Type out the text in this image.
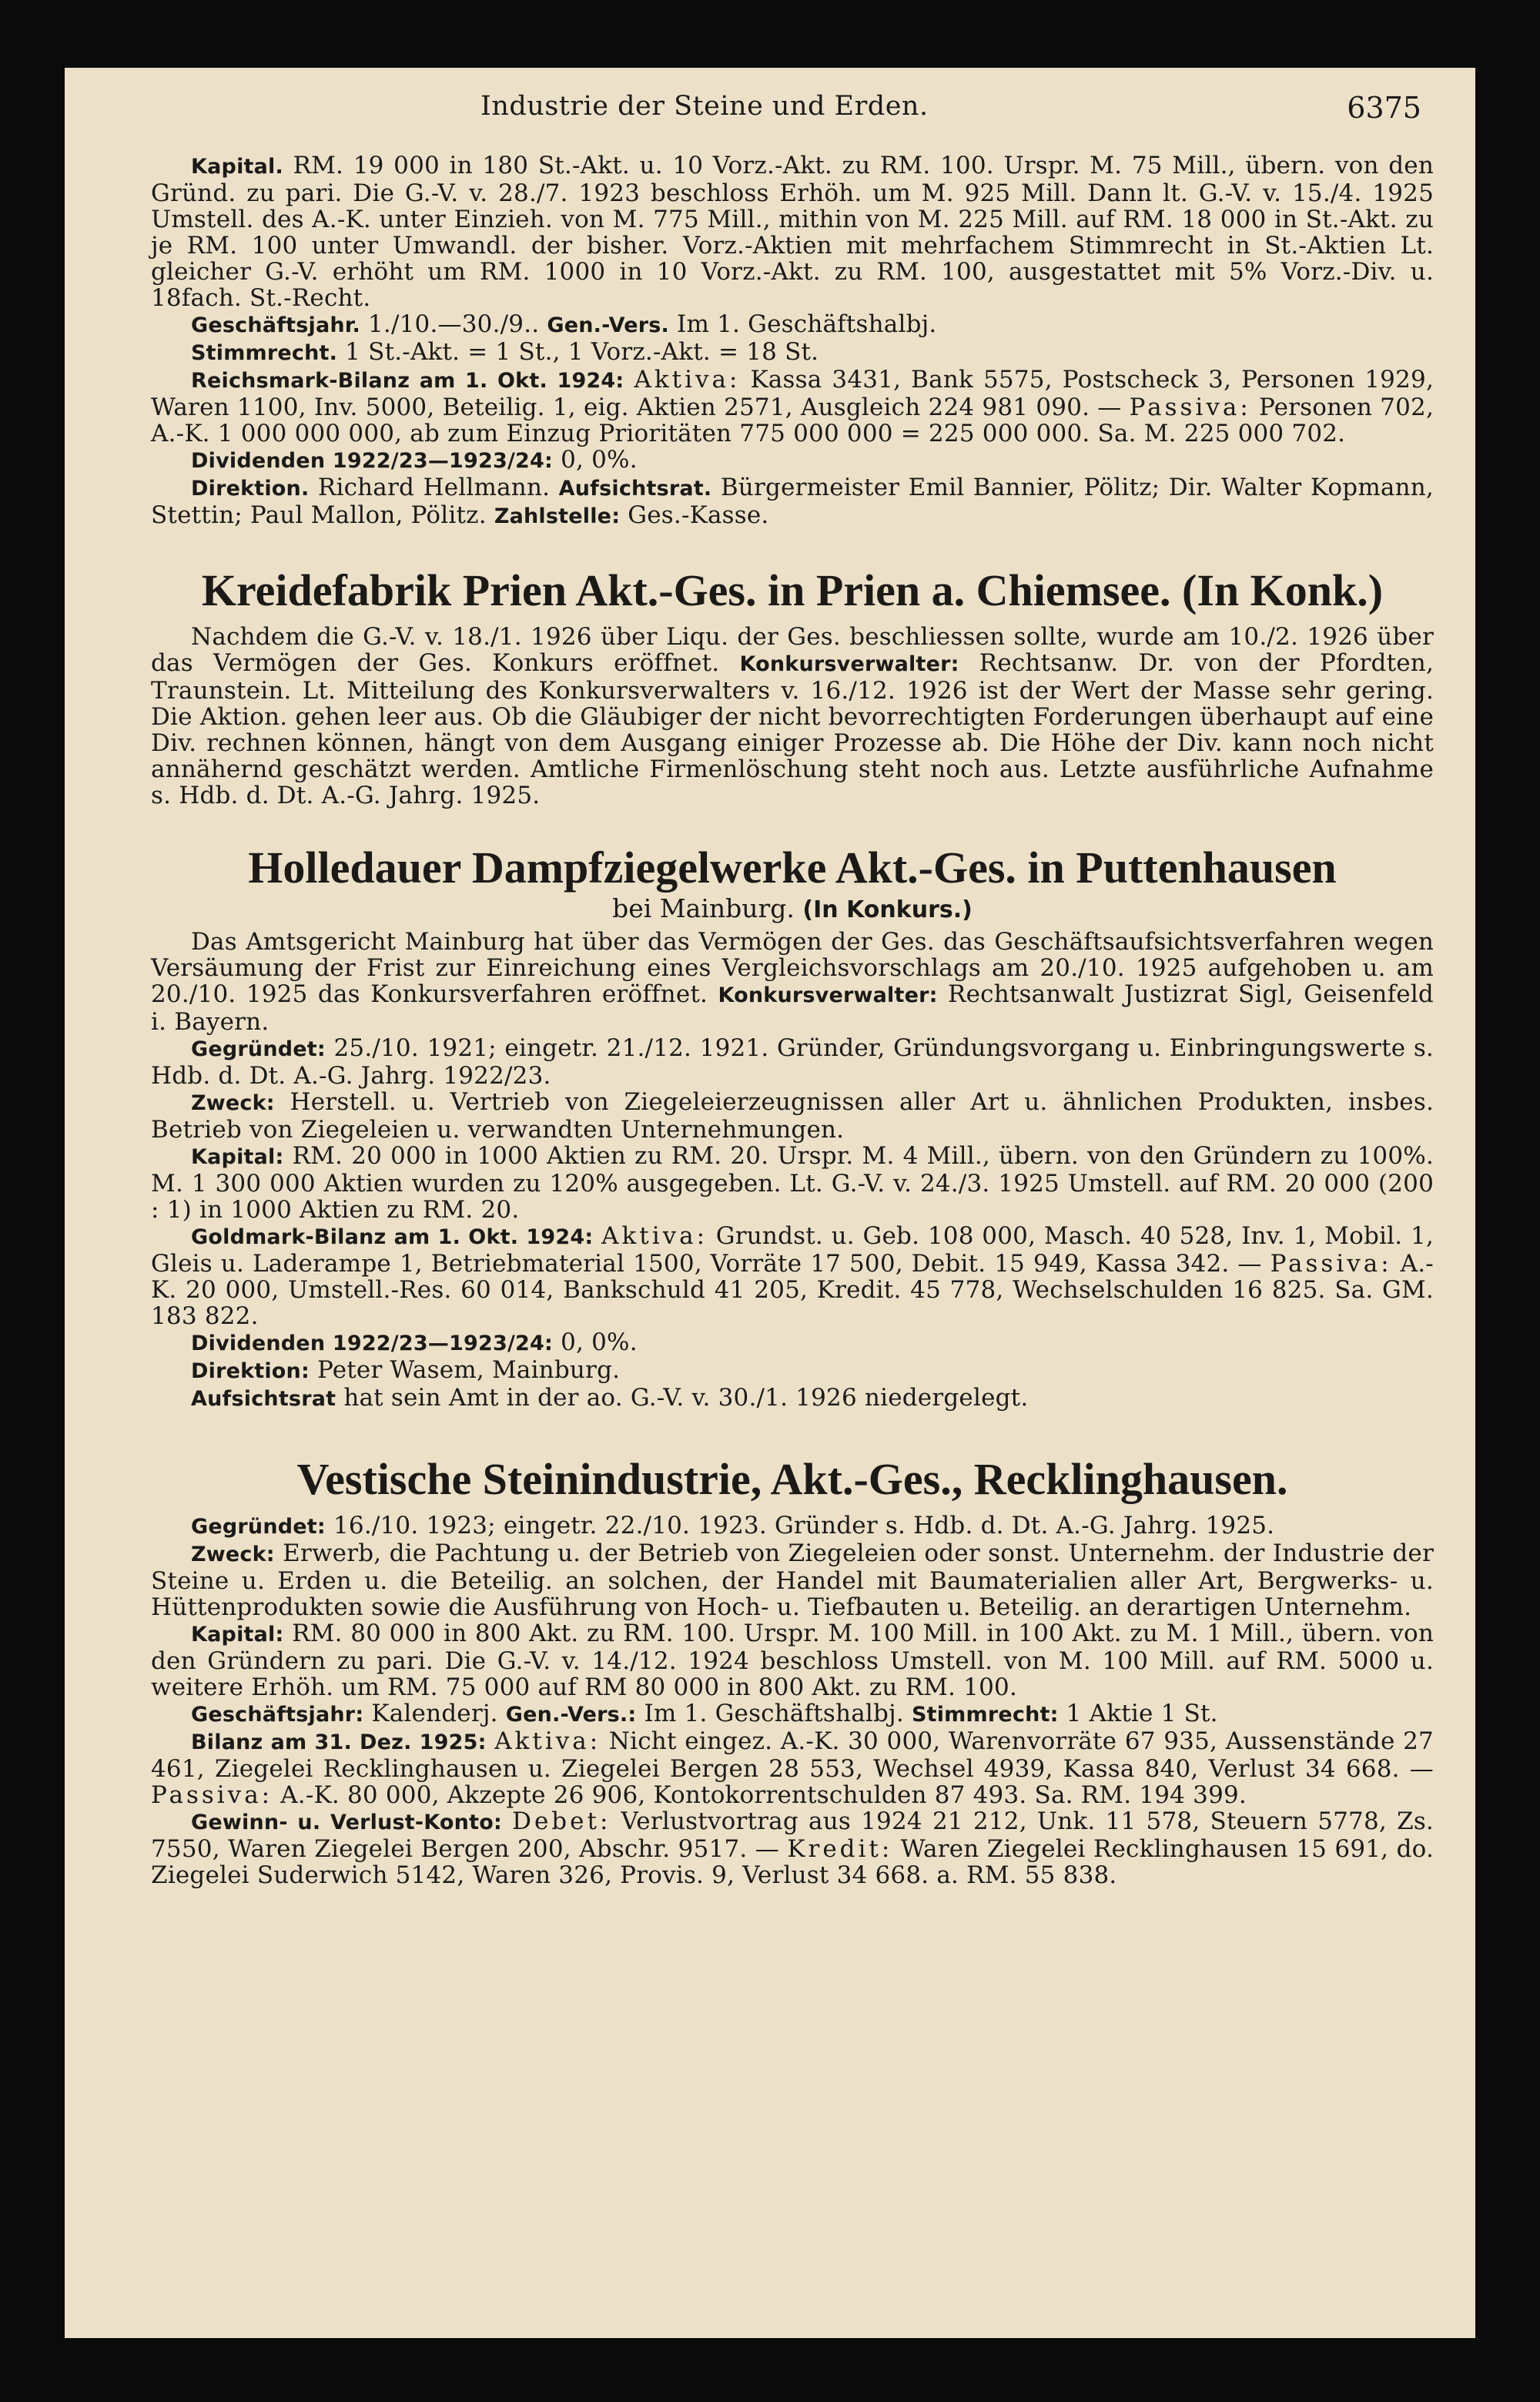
Industrie der Steine und Erden.	6375

Kapital. RM. 19 000 in 180 St.-Akt. u. 10 Vorz.-Akt. zu RM. 100. Urspr. M. 75 Mill., übern. von den Gründ. zu pari. Die G.-V. v. 28./7. 1923 beschloss Erhöh. um M. 925 Mill. Dann lt. G.-V. v. 15./4. 1925 Umstell. des A.-K. unter Einzieh. von M. 775 Mill., mithin von M. 225 Mill. auf RM. 18 000 in St.-Akt. zu je RM. 100 unter Umwandl. der bisher. Vorz.-Aktien mit mehrfachem Stimmrecht in St.-Aktien Lt. gleicher G.-V. erhöht um RM. 1000 in 10 Vorz.-Akt. zu RM. 100, ausgestattet mit 5% Vorz.-Div. u. 18fach. St.-Recht.

Geschäftsjahr. 1./10.—30./9.. Gen.-Vers. Im 1. Geschäftshalbj.

Stimmrecht. 1 St.-Akt. = 1 St., 1 Vorz.-Akt. = 18 St.

Reichsmark-Bilanz am 1. Okt. 1924: Aktiva: Kassa 3431, Bank 5575, Postscheck 3, Personen 1929, Waren 1100, Inv. 5000, Beteilig. 1, eig. Aktien 2571, Ausgleich 224 981 090. — Passiva: Personen 702, A.-K. 1 000 000 000, ab zum Einzug Prioritäten 775 000 000 = 225 000 000. Sa. M. 225 000 702.

Dividenden 1922/23—1923/24: 0, 0%.

Direktion. Richard Hellmann. Aufsichtsrat. Bürgermeister Emil Bannier, Pölitz; Dir. Walter Kopmann, Stettin; Paul Mallon, Pölitz. Zahlstelle: Ges.-Kasse.

Kreidefabrik Prien Akt.-Ges. in Prien a. Chiemsee. (In Konk.)

Nachdem die G.-V. v. 18./1. 1926 über Liqu. der Ges. beschliessen sollte, wurde am 10./2. 1926 über das Vermögen der Ges. Konkurs eröffnet. Konkursverwalter: Rechtsanw. Dr. von der Pfordten, Traunstein. Lt. Mitteilung des Konkursverwalters v. 16./12. 1926 ist der Wert der Masse sehr gering. Die Aktion. gehen leer aus. Ob die Gläubiger der nicht bevorrechtigten Forderungen überhaupt auf eine Div. rechnen können, hängt von dem Ausgang einiger Prozesse ab. Die Höhe der Div. kann noch nicht annähernd geschätzt werden. Amtliche Firmenlöschung steht noch aus. Letzte ausführliche Aufnahme s. Hdb. d. Dt. A.-G. Jahrg. 1925.

Holledauer Dampfziegelwerke Akt.-Ges. in Puttenhausen
bei Mainburg. (In Konkurs.)

Das Amtsgericht Mainburg hat über das Vermögen der Ges. das Geschäftsaufsichtsverfahren wegen Versäumung der Frist zur Einreichung eines Vergleichsvorschlags am 20./10. 1925 aufgehoben u. am 20./10. 1925 das Konkursverfahren eröffnet. Konkursverwalter: Rechtsanwalt Justizrat Sigl, Geisenfeld i. Bayern.

Gegründet: 25./10. 1921; eingetr. 21./12. 1921. Gründer, Gründungsvorgang u. Einbringungswerte s. Hdb. d. Dt. A.-G. Jahrg. 1922/23.

Zweck: Herstell. u. Vertrieb von Ziegeleierzeugnissen aller Art u. ähnlichen Produkten, insbes. Betrieb von Ziegeleien u. verwandten Unternehmungen.

Kapital: RM. 20 000 in 1000 Aktien zu RM. 20. Urspr. M. 4 Mill., übern. von den Gründern zu 100%. M. 1 300 000 Aktien wurden zu 120% ausgegeben. Lt. G.-V. v. 24./3. 1925 Umstell. auf RM. 20 000 (200 : 1) in 1000 Aktien zu RM. 20.

Goldmark-Bilanz am 1. Okt. 1924: Aktiva: Grundst. u. Geb. 108 000, Masch. 40 528, Inv. 1, Mobil. 1, Gleis u. Laderampe 1, Betriebmaterial 1500, Vorräte 17 500, Debit. 15 949, Kassa 342. — Passiva: A.-K. 20 000, Umstell.-Res. 60 014, Bankschuld 41 205, Kredit. 45 778, Wechselschulden 16 825. Sa. GM. 183 822.

Dividenden 1922/23—1923/24: 0, 0%.

Direktion: Peter Wasem, Mainburg.

Aufsichtsrat hat sein Amt in der ao. G.-V. v. 30./1. 1926 niedergelegt.

Vestische Steinindustrie, Akt.-Ges., Recklinghausen.

Gegründet: 16./10. 1923; eingetr. 22./10. 1923. Gründer s. Hdb. d. Dt. A.-G. Jahrg. 1925.

Zweck: Erwerb, die Pachtung u. der Betrieb von Ziegeleien oder sonst. Unternehm. der Industrie der Steine u. Erden u. die Beteilig. an solchen, der Handel mit Baumaterialien aller Art, Bergwerks- u. Hüttenprodukten sowie die Ausführung von Hoch- u. Tiefbauten u. Beteilig. an derartigen Unternehm.

Kapital: RM. 80 000 in 800 Akt. zu RM. 100. Urspr. M. 100 Mill. in 100 Akt. zu M. 1 Mill., übern. von den Gründern zu pari. Die G.-V. v. 14./12. 1924 beschloss Umstell. von M. 100 Mill. auf RM. 5000 u. weitere Erhöh. um RM. 75 000 auf RM 80 000 in 800 Akt. zu RM. 100.

Geschäftsjahr: Kalenderj. Gen.-Vers.: Im 1. Geschäftshalbj. Stimmrecht: 1 Aktie 1 St.

Bilanz am 31. Dez. 1925: Aktiva: Nicht eingez. A.-K. 30 000, Warenvorräte 67 935, Aussenstände 27 461, Ziegelei Recklinghausen u. Ziegelei Bergen 28 553, Wechsel 4939, Kassa 840, Verlust 34 668. — Passiva: A.-K. 80 000, Akzepte 26 906, Kontokorrentschulden 87 493. Sa. RM. 194 399.

Gewinn- u. Verlust-Konto: Debet: Verlustvortrag aus 1924 21 212, Unk. 11 578, Steuern 5778, Zs. 7550, Waren Ziegelei Bergen 200, Abschr. 9517. — Kredit: Waren Ziegelei Recklinghausen 15 691, do. Ziegelei Suderwich 5142, Waren 326, Provis. 9, Verlust 34 668. a. RM. 55 838.
